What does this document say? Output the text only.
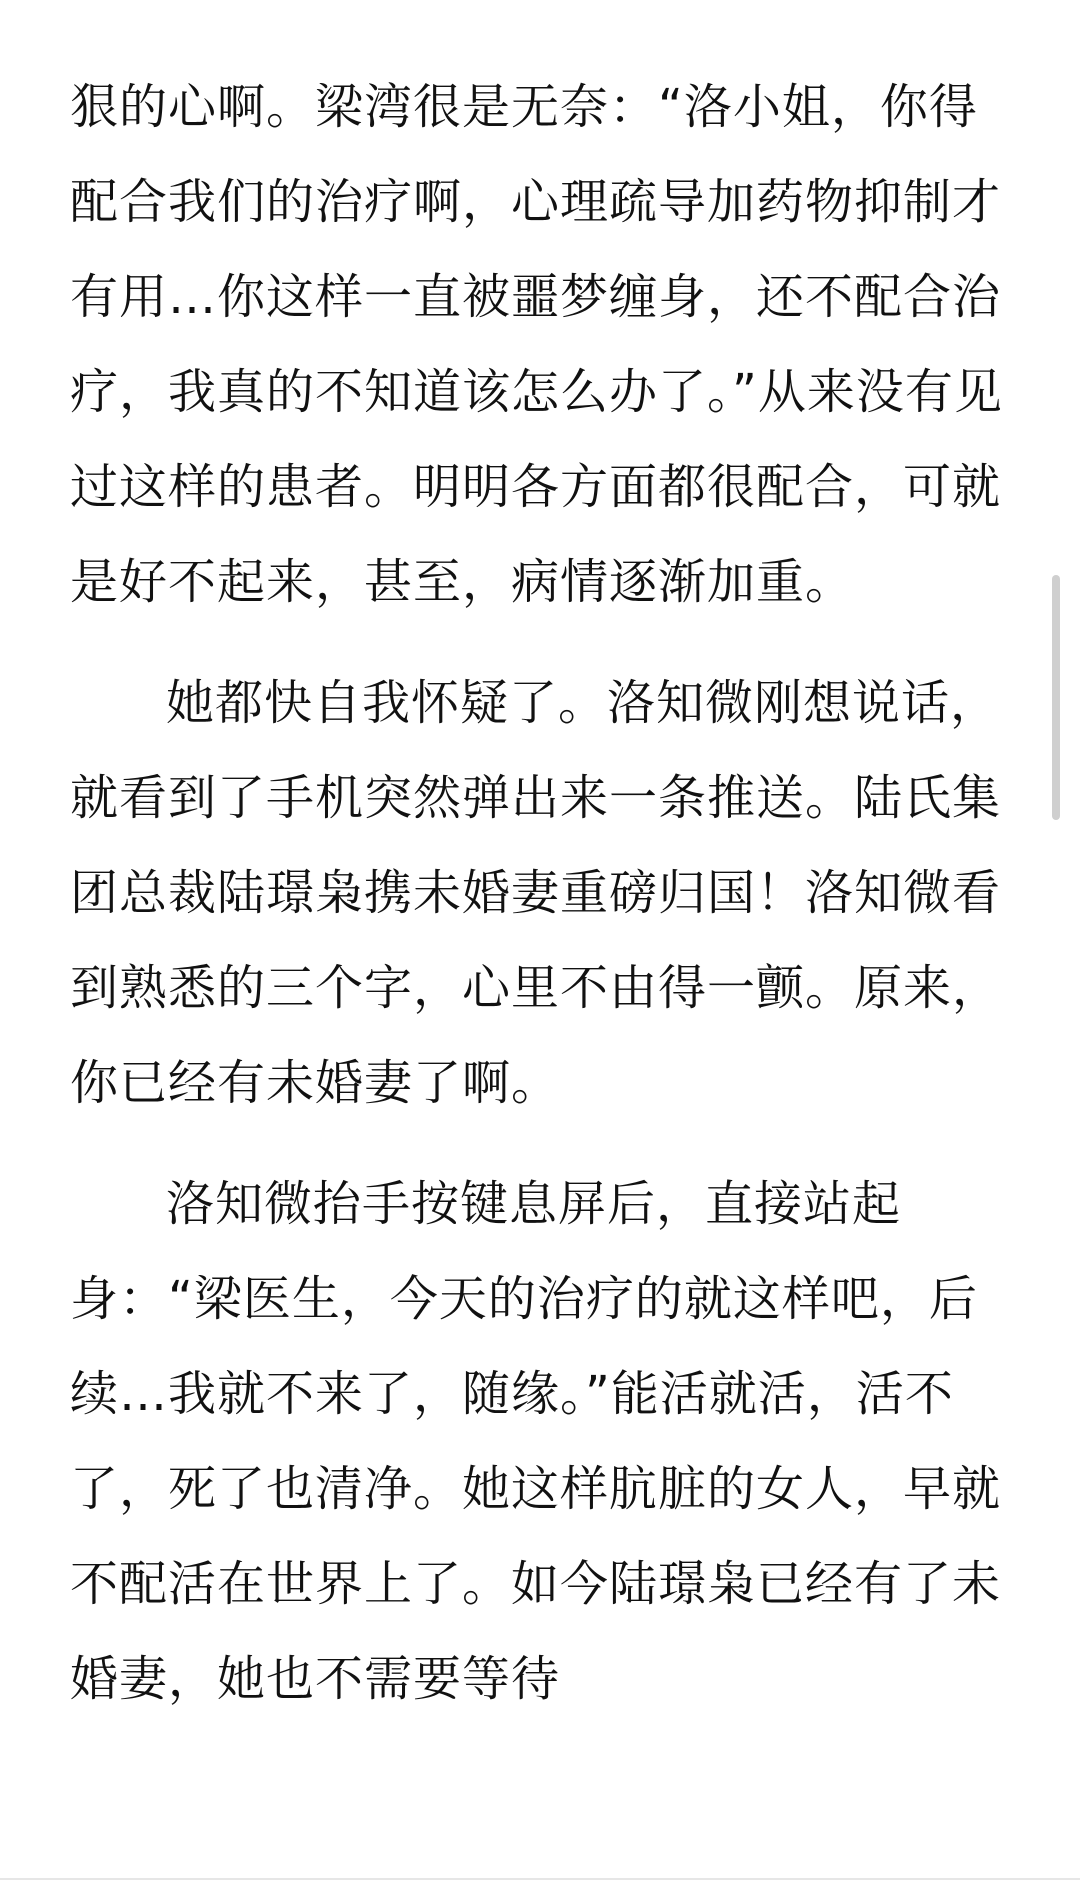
狠的心啊。梁湾很是无奈：“洛小姐，你得配合我们的治疗啊，心理疏导加药物抑制才有用…你这样一直被噩梦缠身，还不配合治疗，我真的不知道该怎么办了。”从来没有见过这样的患者。明明各方面都很配合，可就是好不起来，甚至，病情逐渐加重。

她都快自我怀疑了。洛知微刚想说话，就看到了手机突然弹出来一条推送。陆氏集团总裁陆璟枭携未婚妻重磅归国！洛知微看到熟悉的三个字，心里不由得一颤。原来，你已经有未婚妻了啊。

洛知微抬手按键息屏后，直接站起身：“梁医生，今天的治疗的就这样吧，后续…我就不来了，随缘。”能活就活，活不了，死了也清净。她这样肮脏的女人，早就不配活在世界上了。如今陆璟枭已经有了未婚妻，她也不需要等待
